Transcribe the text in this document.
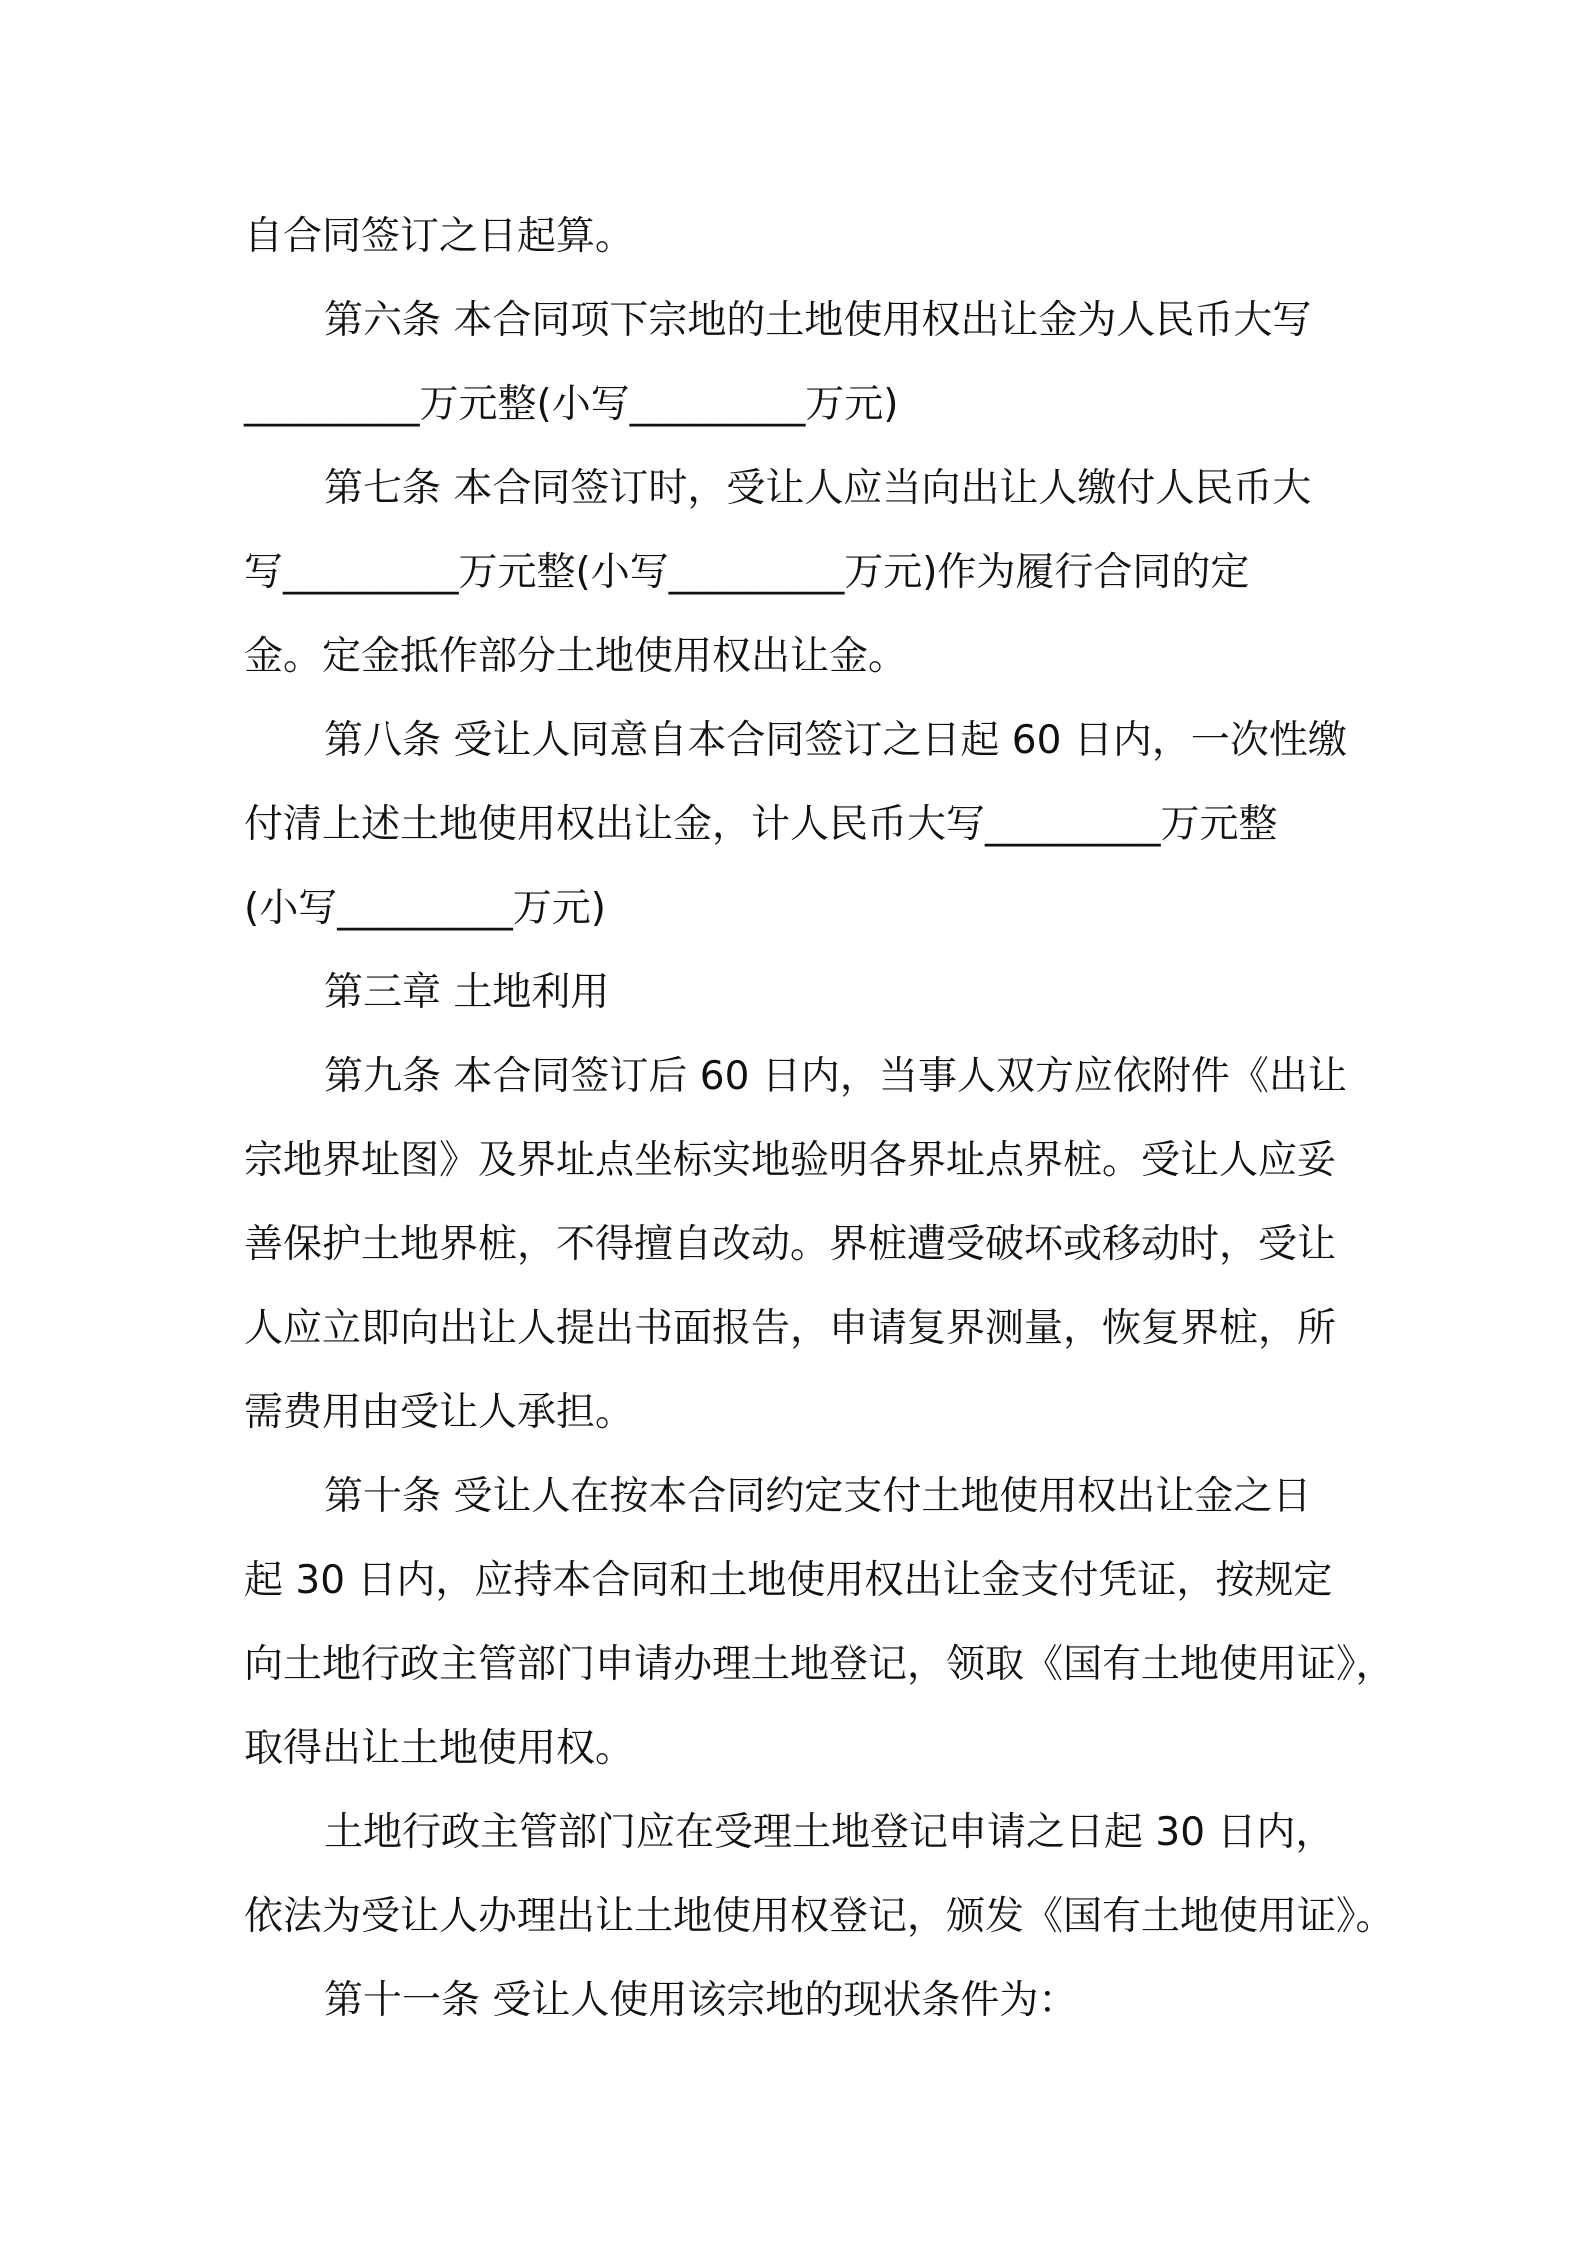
自合同签订之日起算。
第六条 本合同项下宗地的土地使用权出让金为人民币大写
_________万元整(小写_________万元)
第七条 本合同签订时，受让人应当向出让人缴付人民币大
写_________万元整(小写_________万元)作为履行合同的定
金。定金抵作部分土地使用权出让金。
第八条 受让人同意自本合同签订之日起 60 日内，一次性缴
付清上述土地使用权出让金，计人民币大写_________万元整
(小写_________万元)
第三章 土地利用
第九条 本合同签订后 60 日内，当事人双方应依附件《出让
宗地界址图》及界址点坐标实地验明各界址点界桩。受让人应妥
善保护土地界桩，不得擅自改动。界桩遭受破坏或移动时，受让
人应立即向出让人提出书面报告，申请复界测量，恢复界桩，所
需费用由受让人承担。
第十条 受让人在按本合同约定支付土地使用权出让金之日
起 30 日内，应持本合同和土地使用权出让金支付凭证，按规定
向土地行政主管部门申请办理土地登记，领取《国有土地使用证》，
取得出让土地使用权。
土地行政主管部门应在受理土地登记申请之日起 30 日内，
依法为受让人办理出让土地使用权登记，颁发《国有土地使用证》。
第十一条 受让人使用该宗地的现状条件为：
